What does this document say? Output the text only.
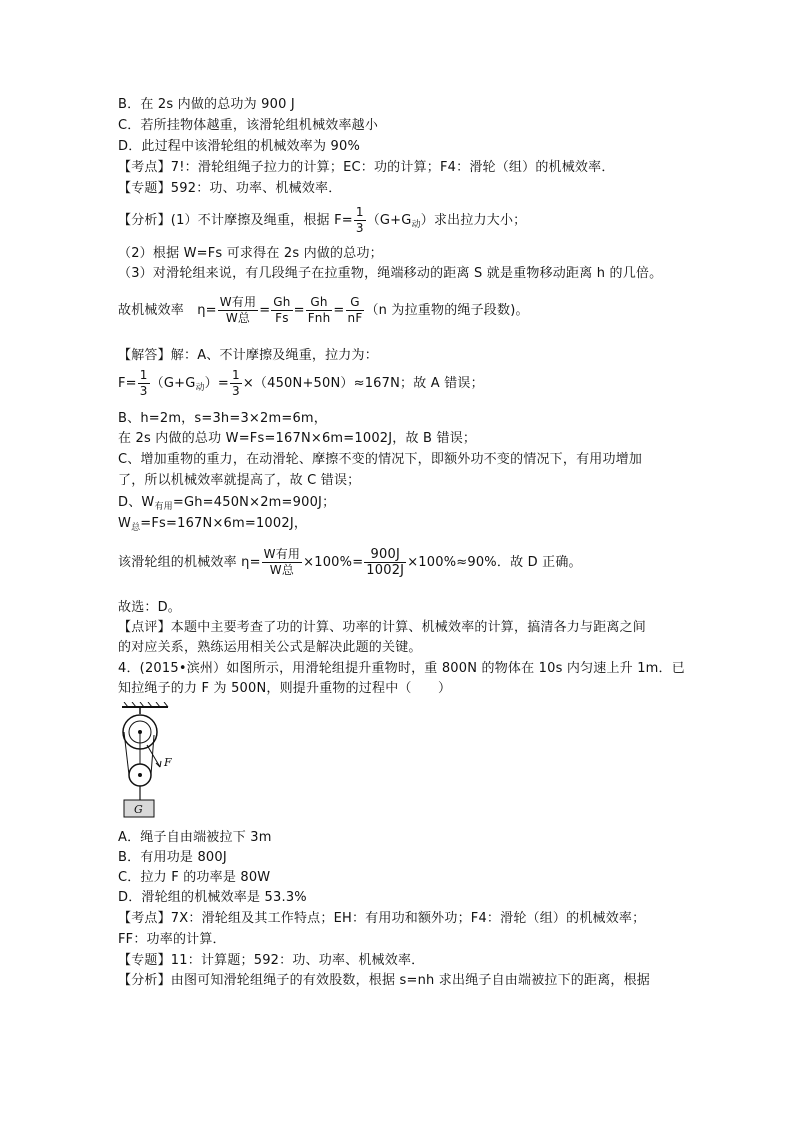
B．在 2s 内做的总功为 900 J
C．若所挂物体越重，该滑轮组机械效率越小
D．此过程中该滑轮组的机械效率为 90%
【考点】7!：滑轮组绳子拉力的计算；EC：功的计算；F4：滑轮（组）的机械效率．
【专题】592：功、功率、机械效率．
【分析】(1）不计摩擦及绳重，根据 $F= \frac{1}{3} (G+G_动)$求出拉力大小；
（2）根据 W=Fs 可求得在 2s 内做的总功；
（3）对滑轮组来说，有几段绳子在拉重物，绳端移动的距离 S 就是重物移动距离 h 的几倍。
故机械效率　$\eta= \frac{\text{W有用}}{\text{W总}} = \frac{Gh}{Fs} = \frac{Gh}{\text{Fnh}} = \frac{G}{nF} (n$ 为拉重物的绳子段数)。
【解答】解：A、不计摩擦及绳重，拉力为：
$F= \frac{1}{3} (G+G_动)= \frac{1}{3} \times(450N+50N)\approx 167N$；故 A 错误；
B、h=2m，s=3h=3×2m=6m，
在 2s 内做的总功 W=Fs=167N×6m=1002J，故 B 错误；
C、增加重物的重力，在动滑轮、摩擦不变的情况下，即额外功不变的情况下，有用功增加
了，所以机械效率就提高了，故 C 错误；
D、$W_{有用}=Gh=450N\times 2m=900J$；
$W_总=Fs=167N\times 6m=1002J$，
该滑轮组的机械效率 $\eta= \frac{\text{W有用}}{\text{W总}} \times 100\%= \frac{900J}{1002J} \times 100\%\approx 90\%$．故 D 正确。
故选：D。
【点评】本题中主要考查了功的计算、功率的计算、机械效率的计算，搞清各力与距离之间
的对应关系，熟练运用相关公式是解决此题的关键。
4．(2015•滨州）如图所示，用滑轮组提升重物时，重 800N 的物体在 10s 内匀速上升 1m．已
知拉绳子的力 F 为 500N，则提升重物的过程中（　　）
F
G
A．绳子自由端被拉下 3m
B．有用功是 800J
C．拉力 F 的功率是 80W
D．滑轮组的机械效率是 53.3%
【考点】7X：滑轮组及其工作特点；EH：有用功和额外功；F4：滑轮（组）的机械效率；
FF：功率的计算．
【专题】11：计算题；592：功、功率、机械效率．
【分析】由图可知滑轮组绳子的有效股数，根据 s=nh 求出绳子自由端被拉下的距离，根据
